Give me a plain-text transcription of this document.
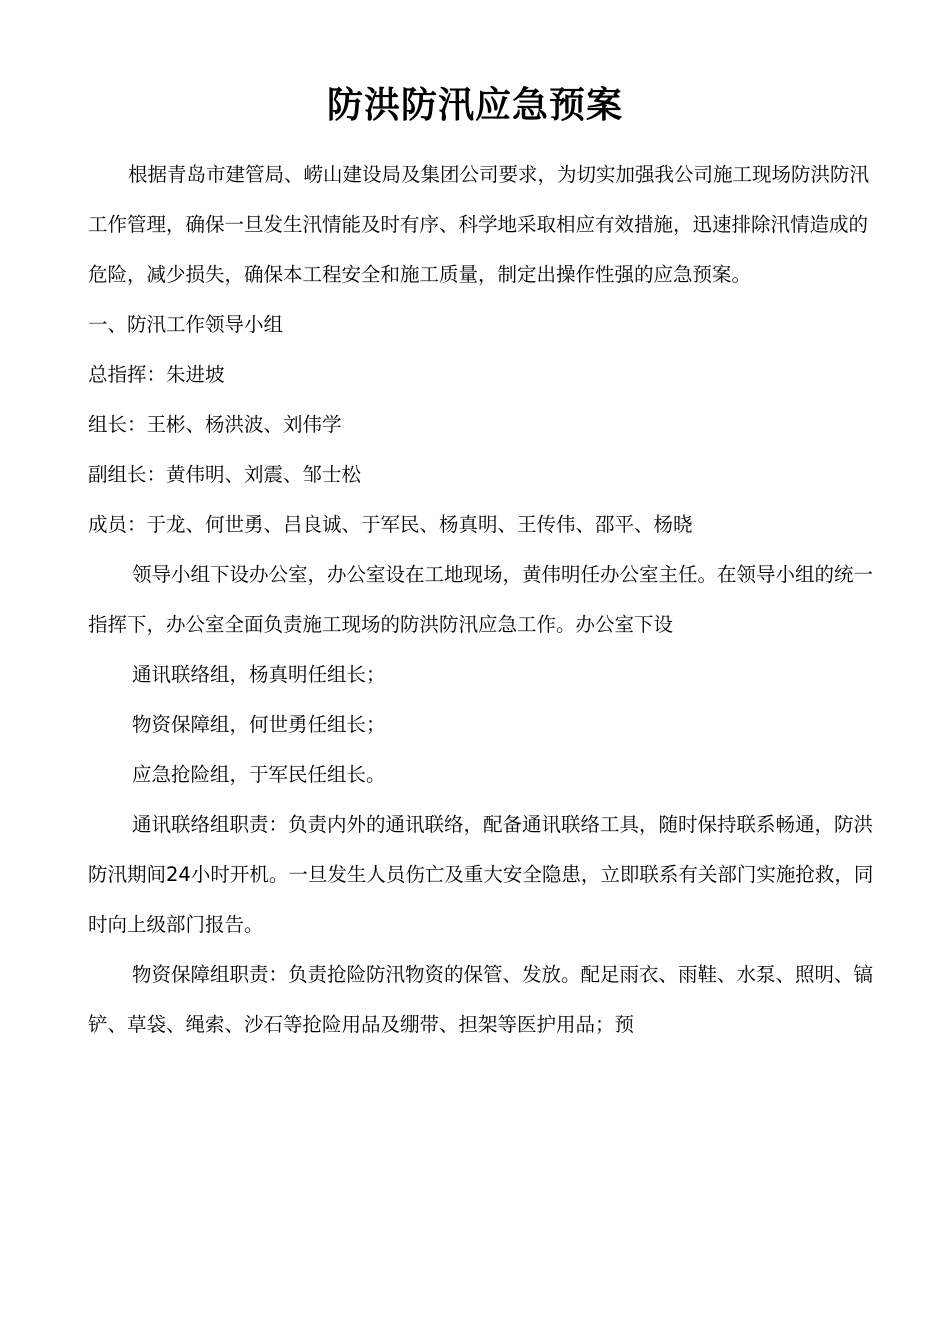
防洪防汛应急预案

根据青岛市建管局、崂山建设局及集团公司要求，为切实加强我公司施工现场防洪防汛工作管理，确保一旦发生汛情能及时有序、科学地采取相应有效措施，迅速排除汛情造成的危险，减少损失，确保本工程安全和施工质量，制定出操作性强的应急预案。

一、防汛工作领导小组

总指挥：朱进坡

组长：王彬、杨洪波、刘伟学

副组长：黄伟明、刘震、邹士松

成员：于龙、何世勇、吕良诚、于军民、杨真明、王传伟、邵平、杨晓

领导小组下设办公室，办公室设在工地现场，黄伟明任办公室主任。在领导小组的统一指挥下，办公室全面负责施工现场的防洪防汛应急工作。办公室下设

通讯联络组，杨真明任组长；

物资保障组，何世勇任组长；

应急抢险组，于军民任组长。

通讯联络组职责：负责内外的通讯联络，配备通讯联络工具，随时保持联系畅通，防洪防汛期间24小时开机。一旦发生人员伤亡及重大安全隐患，立即联系有关部门实施抢救，同时向上级部门报告。

物资保障组职责：负责抢险防汛物资的保管、发放。配足雨衣、雨鞋、水泵、照明、镐铲、草袋、绳索、沙石等抢险用品及绷带、担架等医护用品；预
